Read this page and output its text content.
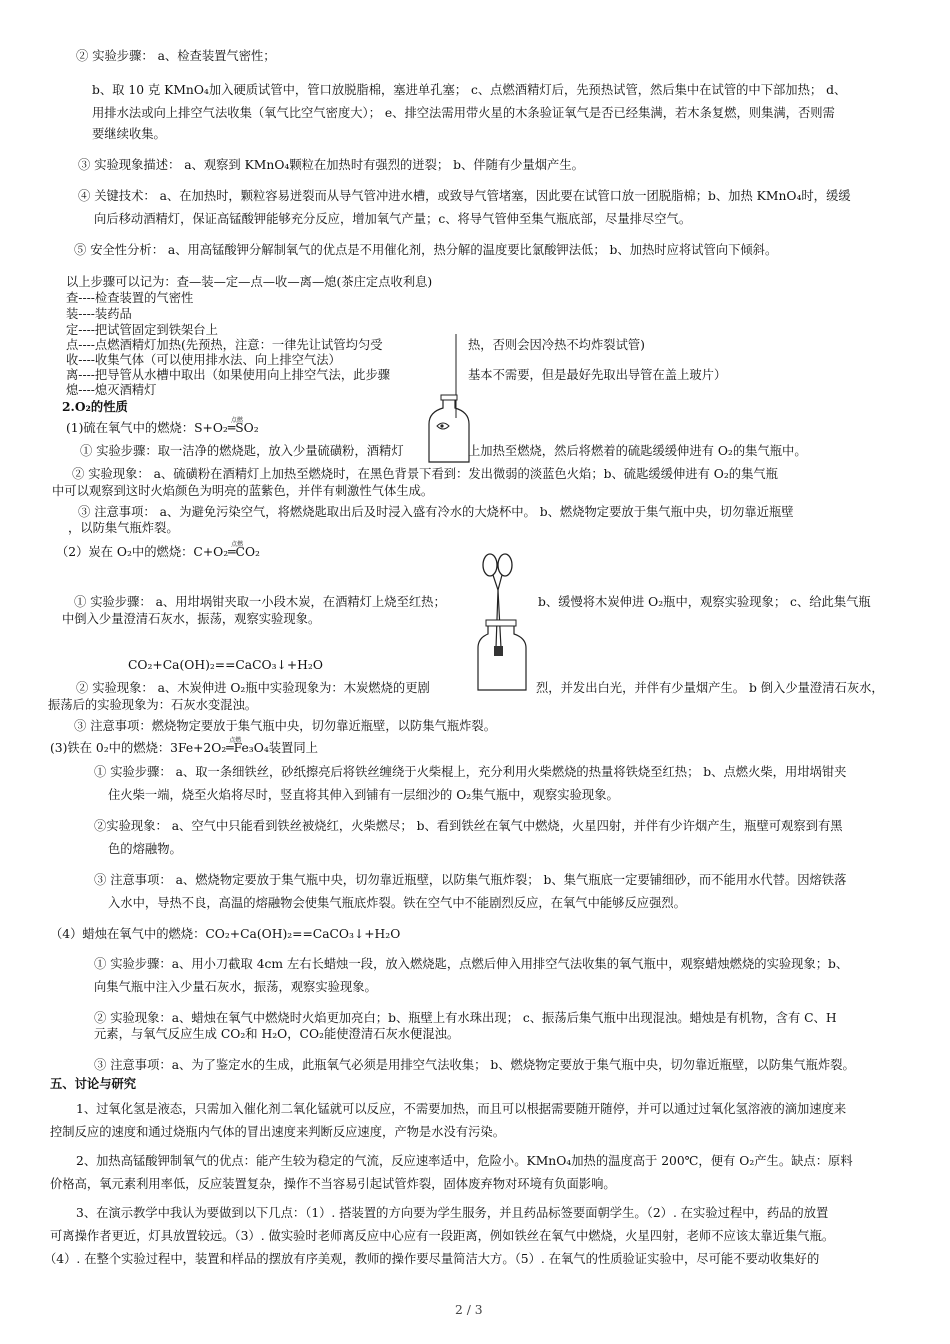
② 实验步骤： a、检查装置气密性；
b、取 10 克 KMnO₄加入硬质试管中，管口放脱脂棉，塞进单孔塞； c、点燃酒精灯后，先预热试管，然后集中在试管的中下部加热； d、
用排水法或向上排空气法收集（氧气比空气密度大）； e、排空法需用带火星的木条验证氧气是否已经集满，若木条复燃，则集满，否则需
要继续收集。
③ 实验现象描述： a、观察到 KMnO₄颗粒在加热时有强烈的迸裂； b、伴随有少量烟产生。
④ 关键技术： a、在加热时，颗粒容易迸裂而从导气管冲进水槽，或致导气管堵塞，因此要在试管口放一团脱脂棉；b、加热 KMnO₄时，缓缓
向后移动酒精灯，保证高锰酸钾能够充分反应，增加氧气产量；c、将导气管伸至集气瓶底部，尽量排尽空气。
⑤ 安全性分析： a、用高锰酸钾分解制氧气的优点是不用催化剂，热分解的温度要比氯酸钾法低； b、加热时应将试管向下倾斜。
以上步骤可以记为：查—装—定—点—收—离—熄(茶庄定点收利息)
查----检查装置的气密性
装----装药品
定----把试管固定到铁架台上
点----点燃酒精灯加热(先预热，注意：一律先让试管均匀受	热，否则会因冷热不均炸裂试管)
收----收集气体（可以使用排水法、向上排空气法）
离----把导管从水槽中取出（如果使用向上排空气法，此步骤	基本不需要，但是最好先取出导管在盖上玻片）
熄----熄灭酒精灯
2.O₂的性质
(1)硫在氧气中的燃烧：S+O₂
点燃
═SO₂
① 实验步骤：取一洁净的燃烧匙，放入少量硫磺粉，酒精灯	上加热至燃烧，然后将燃着的硫匙缓缓伸进有 O₂的集气瓶中。
② 实验现象： a、硫磺粉在酒精灯上加热至燃烧时，在黑色背景下看到：发出微弱的淡蓝色火焰；b、硫匙缓缓伸进有 O₂的集气瓶
中可以观察到这时火焰颜色为明亮的蓝紫色，并伴有刺激性气体生成。
③ 注意事项： a、为避免污染空气，将燃烧匙取出后及时浸入盛有冷水的大烧杯中。 b、燃烧物定要放于集气瓶中央，切勿靠近瓶壁
，以防集气瓶炸裂。
（2）炭在 O₂中的燃烧：C+O₂
点燃
═CO₂
① 实验步骤： a、用坩埚钳夹取一小段木炭，在酒精灯上烧至红热；	b、缓慢将木炭伸进 O₂瓶中，观察实验现象； c、给此集气瓶
中倒入少量澄清石灰水，振荡，观察实验现象。
CO₂+Ca(OH)₂==CaCO₃↓+H₂O
② 实验现象： a、木炭伸进 O₂瓶中实验现象为：木炭燃烧的更剧	烈，并发出白光，并伴有少量烟产生。 b 倒入少量澄清石灰水，
振荡后的实验现象为：石灰水变混浊。
③ 注意事项：燃烧物定要放于集气瓶中央，切勿靠近瓶壁，以防集气瓶炸裂。
(3)铁在 0₂中的燃烧：3Fe+2O₂
点燃
═Fe₃O₄装置同上
① 实验步骤： a、取一条细铁丝，砂纸擦亮后将铁丝缠绕于火柴棍上，充分利用火柴燃烧的热量将铁烧至红热； b、点燃火柴，用坩埚钳夹
住火柴一端，烧至火焰将尽时，竖直将其伸入到铺有一层细沙的 O₂集气瓶中，观察实验现象。
②实验现象： a、空气中只能看到铁丝被烧红，火柴燃尽； b、看到铁丝在氧气中燃烧，火星四射，并伴有少许烟产生，瓶壁可观察到有黑
色的熔融物。
③ 注意事项： a、燃烧物定要放于集气瓶中央，切勿靠近瓶壁，以防集气瓶炸裂； b、集气瓶底一定要铺细砂，而不能用水代替。因熔铁落
入水中，导热不良，高温的熔融物会使集气瓶底炸裂。铁在空气中不能剧烈反应，在氧气中能够反应强烈。
（4）蜡烛在氧气中的燃烧：CO₂+Ca(OH)₂==CaCO₃↓+H₂O
① 实验步骤：a、用小刀截取 4cm 左右长蜡烛一段，放入燃烧匙，点燃后伸入用排空气法收集的氧气瓶中，观察蜡烛燃烧的实验现象；b、
向集气瓶中注入少量石灰水，振荡，观察实验现象。
② 实验现象：a、蜡烛在氧气中燃烧时火焰更加亮白；b、瓶壁上有水珠出现； c、振荡后集气瓶中出现混浊。蜡烛是有机物，含有 C、H
元素，与氧气反应生成 CO₂和 H₂O，CO₂能使澄清石灰水便混浊。
③ 注意事项：a、为了鉴定水的生成，此瓶氧气必须是用排空气法收集； b、燃烧物定要放于集气瓶中央，切勿靠近瓶壁，以防集气瓶炸裂。
五、讨论与研究
1、过氧化氢是液态，只需加入催化剂二氧化锰就可以反应，不需要加热，而且可以根据需要随开随停，并可以通过过氧化氢溶液的滴加速度来
控制反应的速度和通过烧瓶内气体的冒出速度来判断反应速度，产物是水没有污染。
2、加热高锰酸钾制氧气的优点：能产生较为稳定的气流，反应速率适中，危险小。KMnO₄加热的温度高于 200℃，便有 O₂产生。缺点：原料
价格高，氧元素利用率低，反应装置复杂，操作不当容易引起试管炸裂，固体废弃物对环境有负面影响。
3、在演示教学中我认为要做到以下几点：（1）. 搭装置的方向要为学生服务，并且药品标签要面朝学生。（2）. 在实验过程中，药品的放置
可离操作者更近，灯具放置较远。（3）. 做实验时老师离反应中心应有一段距离，例如铁丝在氧气中燃烧，火星四射，老师不应该太靠近集气瓶。
（4）. 在整个实验过程中，装置和样品的摆放有序美观，教师的操作要尽量简洁大方。（5）. 在氧气的性质验证实验中，尽可能不要动收集好的
2 / 3
